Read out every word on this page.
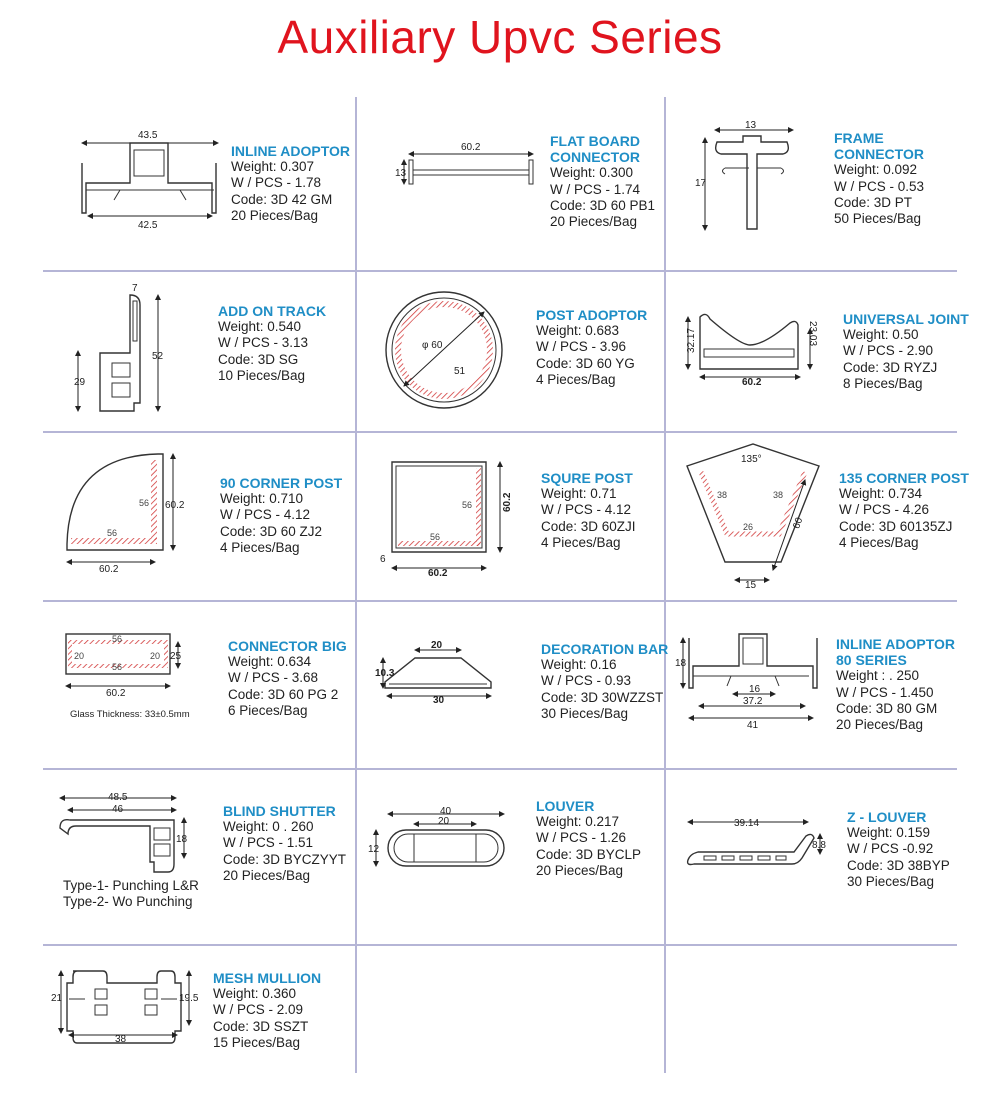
Auxiliary Upvc Series
43.5
42.5
INLINE ADOPTOR
Weight: 0.307
W / PCS - 1.78
Code: 3D 42 GM
20 Pieces/Bag
60.2
13
FLAT BOARD
CONNECTOR
Weight: 0.300
W / PCS - 1.74
Code: 3D 60 PB1
20 Pieces/Bag
13
17
FRAME
CONNECTOR
Weight: 0.092
W / PCS - 0.53
Code: 3D PT
50 Pieces/Bag
7
52
29
ADD ON TRACK
Weight: 0.540
W / PCS - 3.13
Code: 3D SG
10 Pieces/Bag
φ 60
51
POST ADOPTOR
Weight: 0.683
W / PCS - 3.96
Code: 3D 60 YG
4 Pieces/Bag
32.17	23.03
60.2
UNIVERSAL JOINT
Weight: 0.50
W / PCS - 2.90
Code: 3D RYZJ
8 Pieces/Bag
56
56
60.2
60.2
90 CORNER POST
Weight: 0.710
W / PCS - 4.12
Code: 3D 60 ZJ2
4 Pieces/Bag
56
56
60.2
6
60.2
SQURE POST
Weight: 0.71
W / PCS - 4.12
Code: 3D 60ZJI
4 Pieces/Bag
135°
38	38
26	60
15
135 CORNER POST
Weight: 0.734
W / PCS - 4.26
Code: 3D 60135ZJ
4 Pieces/Bag
56
20
56
20 25
60.2
Glass Thickness: 33±0.5mm
CONNECTOR BIG
Weight: 0.634
W / PCS - 3.68
Code: 3D 60 PG 2
6 Pieces/Bag
20
10.3
30
DECORATION BAR
Weight: 0.16
W / PCS - 0.93
Code: 3D 30WZZST
30 Pieces/Bag
18
16
37.2
41
INLINE ADOPTOR
80 SERIES
Weight : . 250
W / PCS - 1.450
Code: 3D 80 GM
20 Pieces/Bag
48.5
46
18
Type-1- Punching L&R
Type-2- Wo Punching
BLIND SHUTTER
Weight: 0 . 260
W / PCS - 1.51
Code: 3D BYCZYYT
20 Pieces/Bag
40
20
12
LOUVER
Weight: 0.217
W / PCS - 1.26
Code: 3D BYCLP
20 Pieces/Bag
39.14
8.8
Z - LOUVER
Weight: 0.159
W / PCS -0.92
Code: 3D 38BYP
30 Pieces/Bag
21	19.5
38
MESH MULLION
Weight: 0.360
W / PCS - 2.09
Code: 3D SSZT
15 Pieces/Bag
